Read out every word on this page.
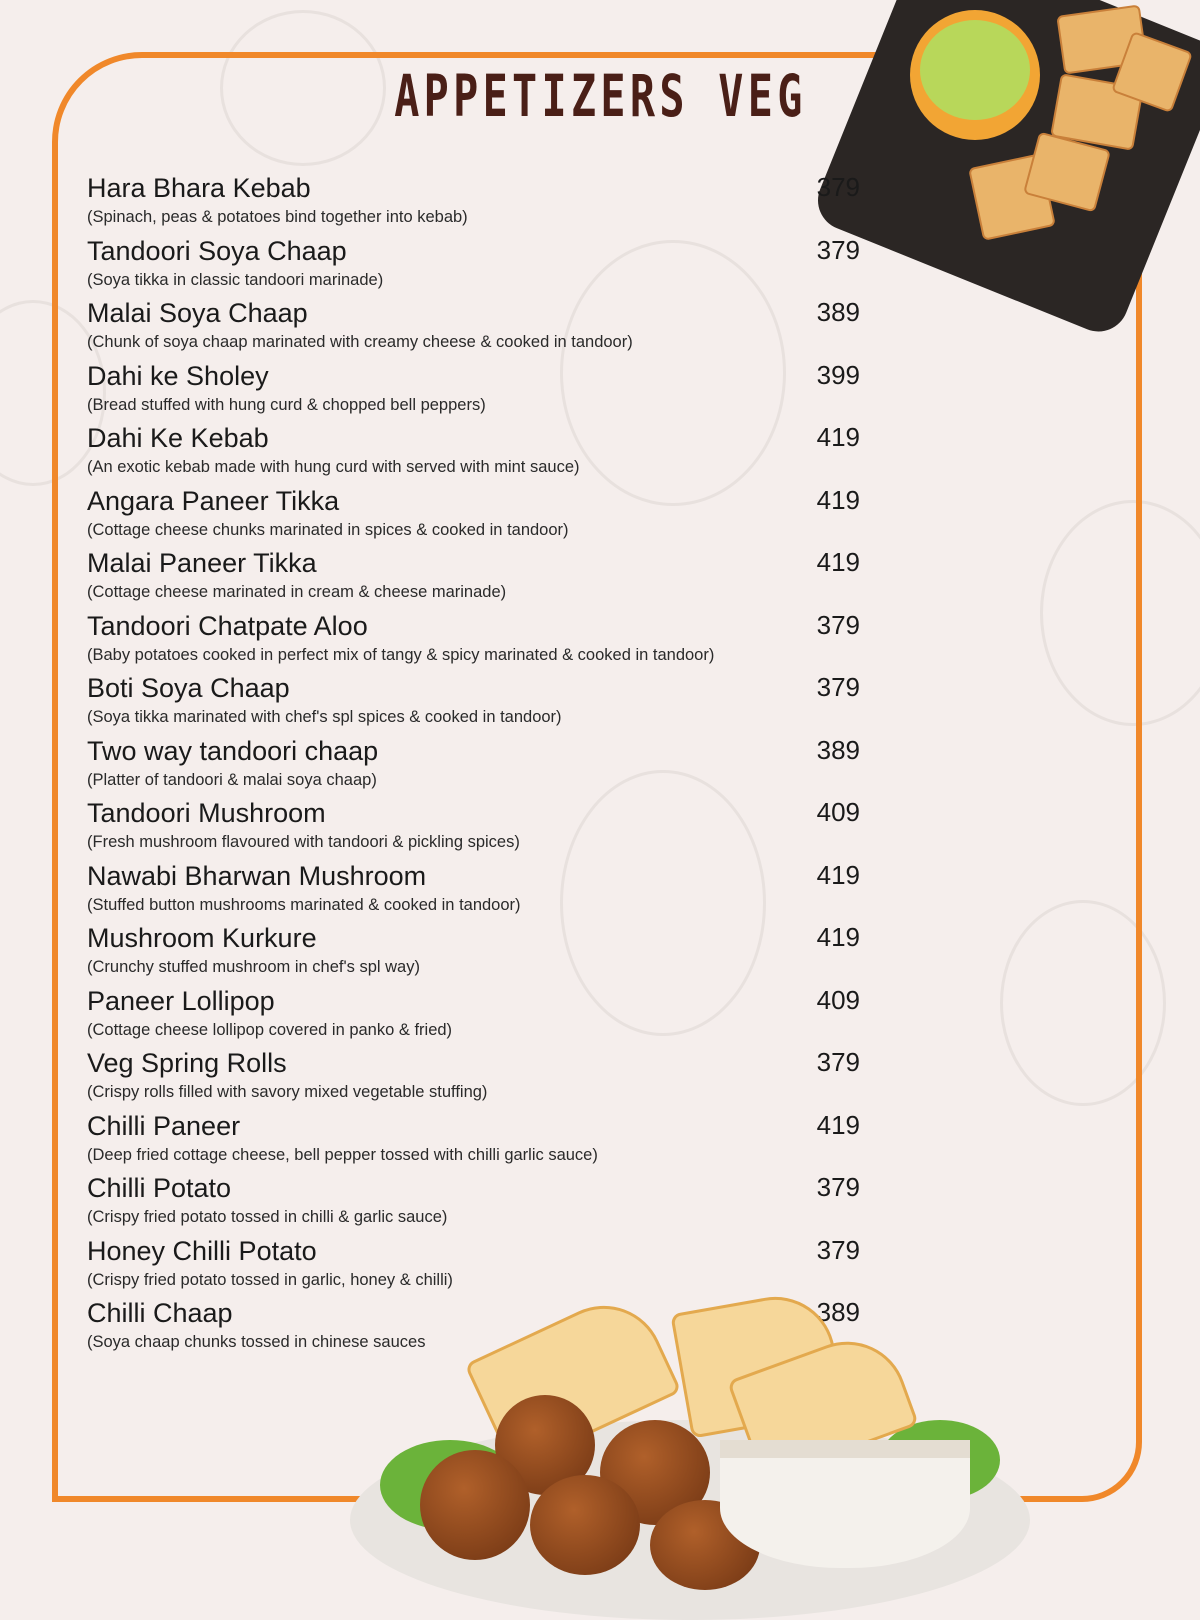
APPETIZERS VEG
Hara Bhara Kebab
(Spinach, peas & potatoes bind together into kebab)
379
Tandoori Soya Chaap
(Soya tikka in classic tandoori marinade)
379
Malai Soya Chaap
(Chunk of soya chaap marinated with creamy cheese & cooked in tandoor)
389
Dahi ke Sholey
(Bread stuffed with hung curd & chopped bell peppers)
399
Dahi Ke Kebab
(An exotic kebab made with hung curd with served with mint sauce)
419
Angara Paneer Tikka
(Cottage cheese chunks marinated in spices & cooked in tandoor)
419
Malai Paneer Tikka
(Cottage cheese marinated in cream & cheese marinade)
419
Tandoori Chatpate Aloo
(Baby potatoes cooked in perfect mix of tangy & spicy marinated & cooked in tandoor)
379
Boti Soya Chaap
(Soya tikka marinated with chef's spl spices & cooked in tandoor)
379
Two way tandoori chaap
(Platter of tandoori & malai soya chaap)
389
Tandoori Mushroom
(Fresh mushroom flavoured with tandoori & pickling spices)
409
Nawabi Bharwan Mushroom
(Stuffed button mushrooms marinated & cooked in tandoor)
419
Mushroom Kurkure
(Crunchy stuffed mushroom in chef's spl way)
419
Paneer Lollipop
(Cottage cheese lollipop covered in panko & fried)
409
Veg Spring Rolls
(Crispy rolls filled with savory mixed vegetable stuffing)
379
Chilli Paneer
(Deep fried cottage cheese, bell pepper tossed with chilli garlic sauce)
419
Chilli Potato
(Crispy fried potato tossed in chilli & garlic sauce)
379
Honey Chilli Potato
(Crispy fried potato tossed in garlic, honey & chilli)
379
Chilli Chaap
(Soya chaap chunks tossed in chinese sauces
389
